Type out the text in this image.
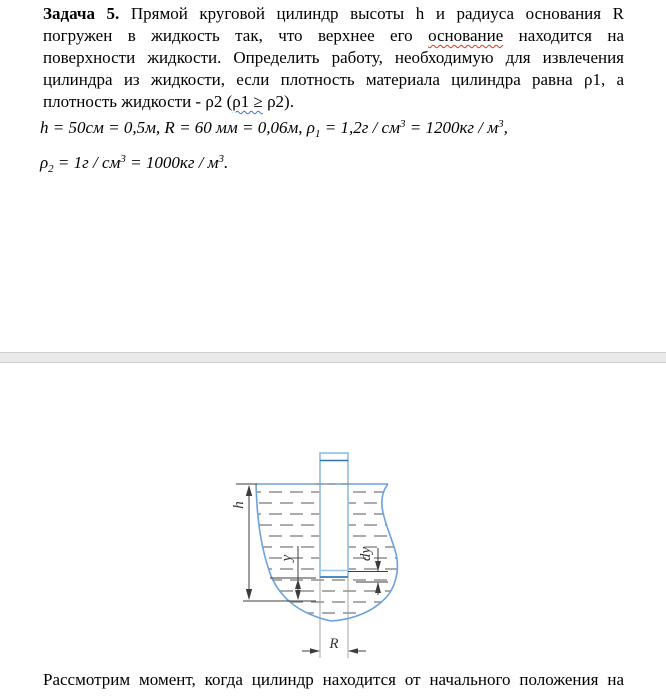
Задача 5. Прямой круговой цилиндр высоты h и радиуса основания R
погружен в жидкость так, что верхнее его основание находится на
поверхности жидкости. Определить работу, необходимую для извлечения
цилиндра из жидкости, если плотность материала цилиндра равна ρ1, а
плотность жидкости - ρ2 (ρ1 ≥ ρ2).
h = 50см = 0,5м, R = 60 мм = 0,06м, $\rho_1 = 1,2г / см^3 = 1200кг / м^3$,
$\rho_2 = 1г / см^3 = 1000кг / м^3$.
h
y	dy
R
Рассмотрим момент, когда цилиндр находится от начального положения на
